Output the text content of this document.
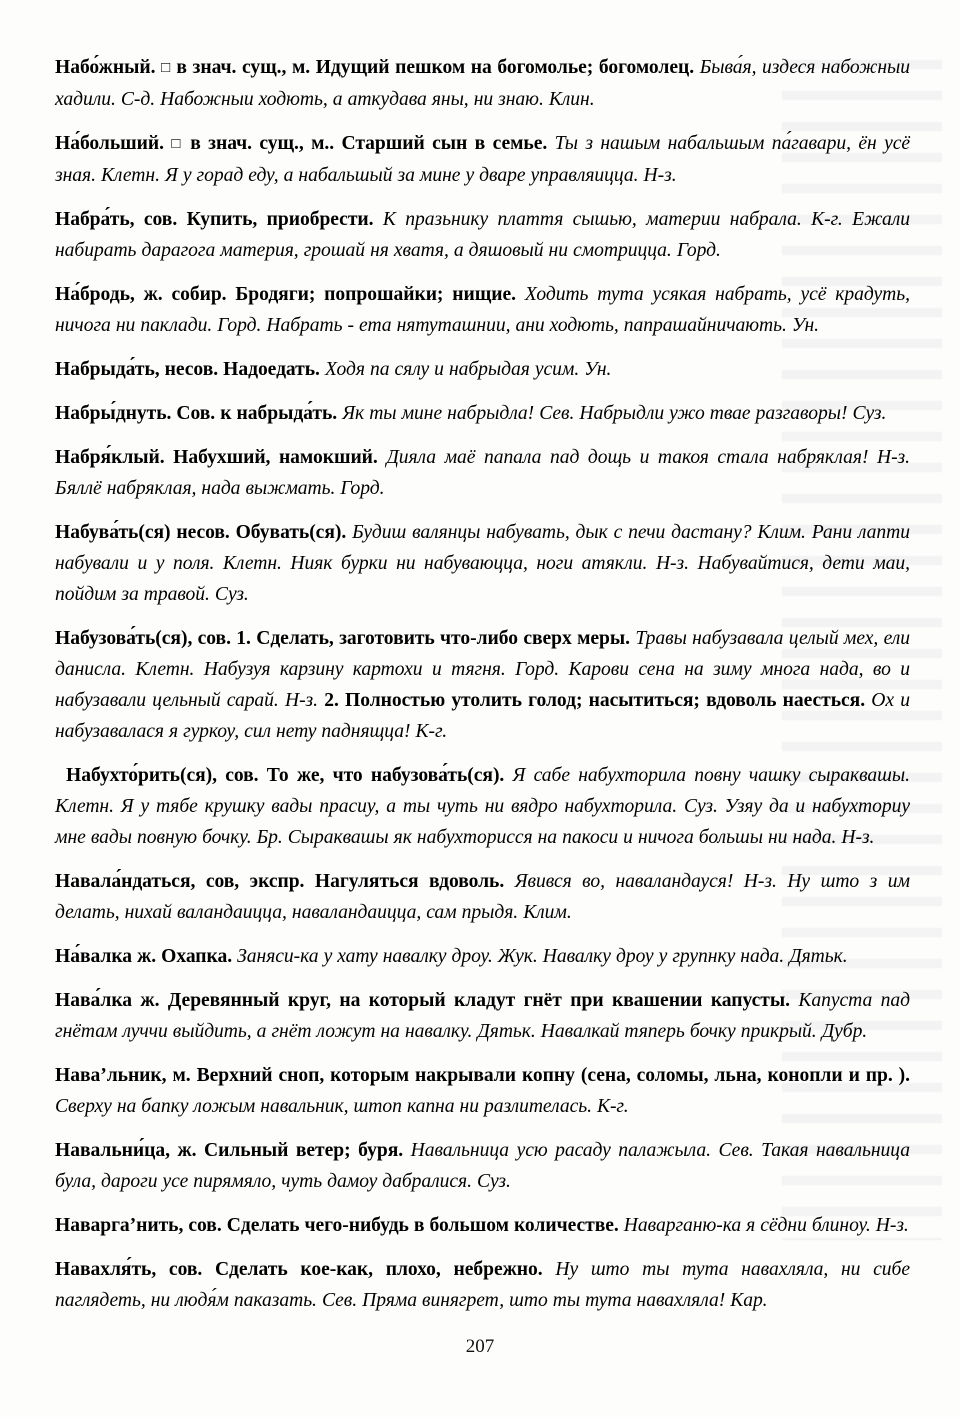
Набо́жный. □ в знач. сущ., м. Идущий пешком на богомолье; богомолец. Быва́я, издеся набожныи хадили. С-д. Набожныи ходють, а аткудава яны, ни знаю. Клин.

На́больший. □ в знач. сущ., м.. Старший сын в семье. Ты з нашым набальшым па́гавари, ён усё зная. Клетн. Я у горад еду, а набальшый за мине у дваре управляицца. Н-з.

Набра́ть, сов. Купить, приобрести. К празьнику плаття сышью, материи набрала. К-г. Ежали набирать дарагога материя, грошай ня хватя, а дяшовый ни смотрицца. Горд.

На́бродь, ж. собир. Бродяги; попрошайки; нищие. Ходить тута усякая набрать, усё крадуть, ничога ни паклади. Горд. Набрать - ета нятуташнии, ани ходють, папрашайничають. Ун.

Набрыда́ть, несов. Надоедать. Ходя па сялу и набрыдая усим. Ун.

Набры́днуть. Сов. к набрыда́ть. Як ты мине набрыдла! Сев. Набрыдли ужо твае разгаворы! Суз.

Набря́клый. Набухший, намокший. Дияла маё папала пад дощь и такоя стала набряклая! Н-з. Бяллё набряклая, нада выжмать. Горд.

Набува́ть(ся) несов. Обувать(ся). Будиш валянцы набувать, дык с печи дастану? Клим. Рани лапти набували и у поля. Клетн. Нияк бурки ни набуваюцца, ноги атякли. Н-з. Набувайтися, дети маи, пойдим за травой. Суз.

Набузова́ть(ся), сов. 1. Сделать, заготовить что-либо сверх меры. Травы набузавала целый мех, ели данисла. Клетн. Набузуя карзину картохи и тягня. Горд. Карови сена на зиму многа нада, во и набузавали цельный сарай. Н-з. 2. Полностью утолить голод; насытиться; вдоволь наесться. Ох и набузавалася я гуркоу, сил нету паднящца! К-г.

Набухто́рить(ся), сов. То же, что набузова́ть(ся). Я сабе набухторила повну чашку сыраквашы. Клетн. Я у тябе крушку вады прасиу, а ты чуть ни вядро набухторила. Суз. Узяу да и набухториу мне вады повную бочку. Бр. Сыраквашы як набухторисся на пакоси и ничога большы ни нада. Н-з.

Навала́ндаться, сов, экспр. Нагуляться вдоволь. Явився во, наваландауся! Н-з. Ну што з им делать, нихай валандаицца, наваландаицца, сам прыдя. Клим.

На́валка ж. Охапка. Заняси-ка у хату навалку дроу. Жук. Навалку дроу у групнку нада. Дятьк.

Нава́лка ж. Деревянный круг, на который кладут гнёт при квашении капусты. Капуста пад гнётам луччи выйдить, а гнёт ложут на навалку. Дятьк. Навалкай тяперь бочку прикрый. Дубр.

Нава’льник, м. Верхний сноп, которым накрывали копну (сена, соломы, льна, конопли и пр. ). Сверху на бапку ложым навальник, штоп капна ни разлителась. К-г.

Навальни́ца, ж. Сильный ветер; буря. Навальница усю расаду палажыла. Сев. Такая навальница була, дароги усе пирямяло, чуть дамоу дабралися. Суз.

Наварга’нить, сов. Сделать чего-нибудь в большом количестве. Наварганю-ка я сёдни блиноу. Н-з.

Навахля́ть, сов. Сделать кое-как, плохо, небрежно. Ну што ты тута навахляла, ни сибе паглядеть, ни людя́м паказать. Сев. Пряма винягрет, што ты тута навахляла! Кар.

207
